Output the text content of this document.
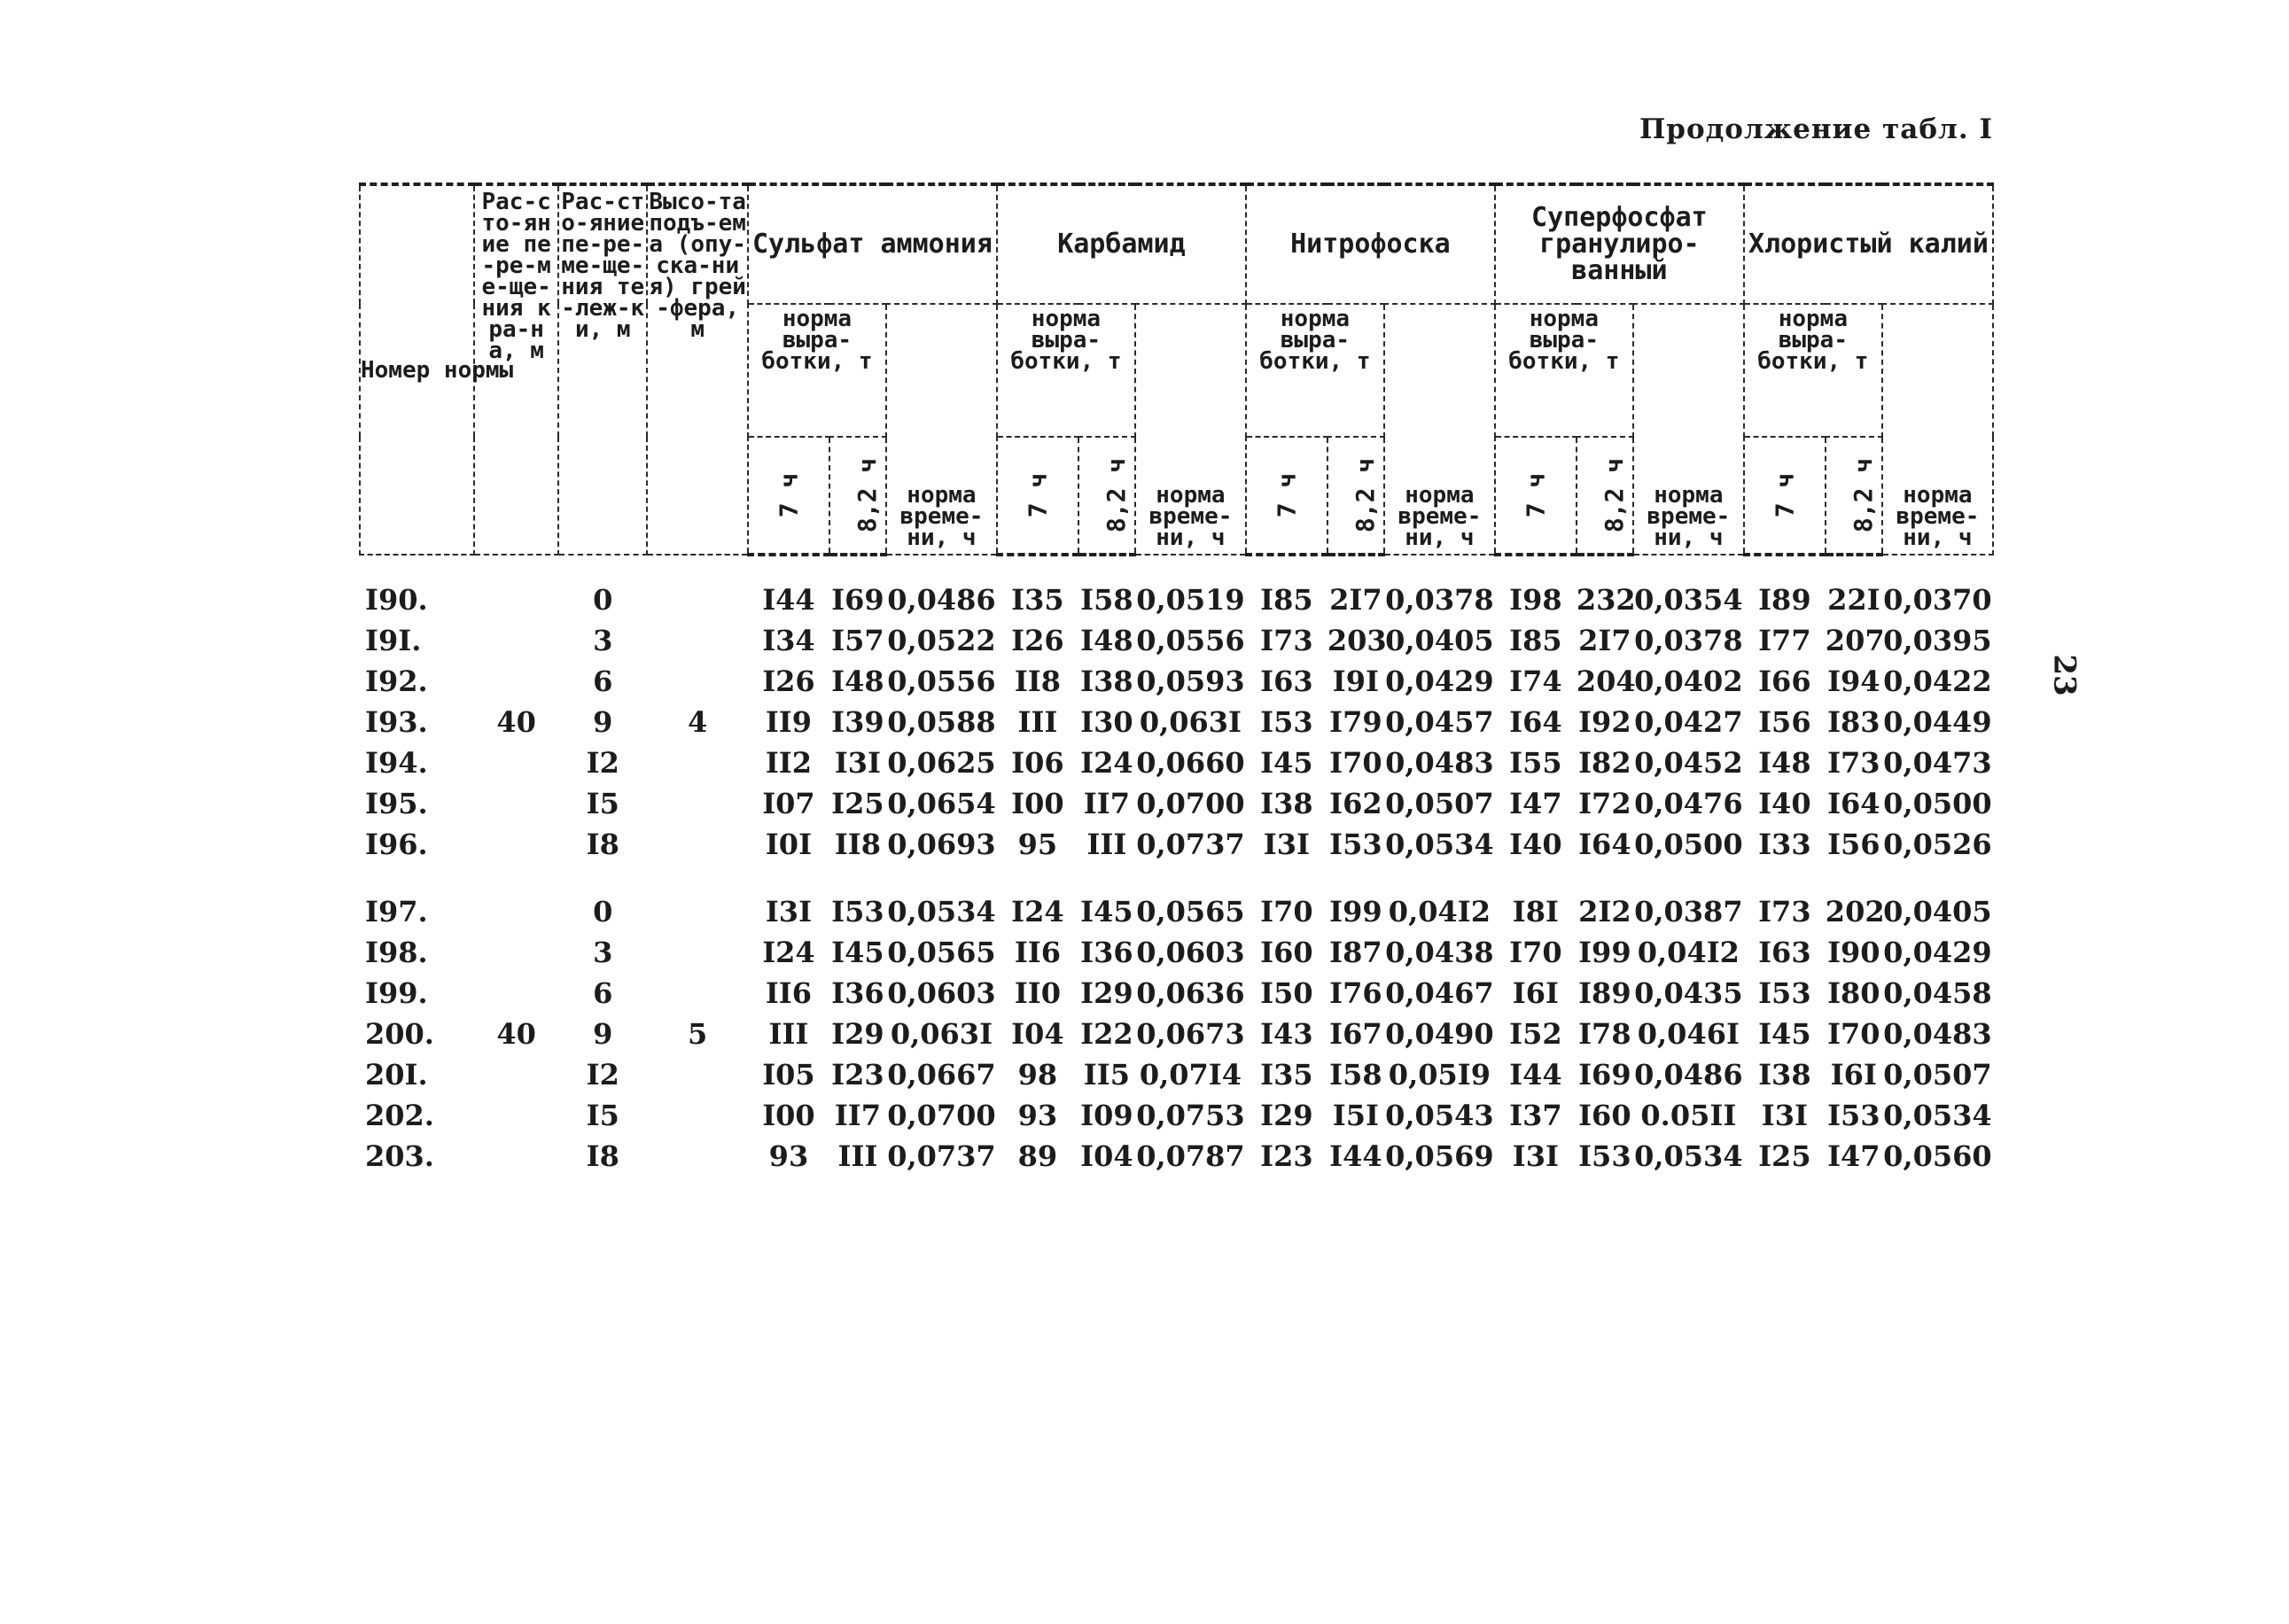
Продолжение табл. I
23
Номер нормы	Рас-сто-яние пе-ре-ме-ще-ния кра-на, м	Рас-сто-яние пе-ре-ме-ще-ния те-леж-ки, м	Высо-та подъ-ема (опу-ска-ния) грей-фера, м	Сульфат аммония			Карбамид			Нитрофоска			Суперфосфат гранулиро-ванный			Хлористый калий		
				норма выра-ботки, т		норма време-ни, ч	норма выра-ботки, т		норма време-ни, ч	норма выра-ботки, т		норма време-ни, ч	норма выра-ботки, т		норма време-ни, ч	норма выра-ботки, т		норма време-ни, ч
				7 ч	8,2 ч		7 ч	8,2 ч		7 ч	8,2 ч		7 ч	8,2 ч		7 ч	8,2 ч	
I90.		0		I44	I69	0,0486	I35	I58	0,0519	I85	2I7	0,0378	I98	232	0,0354	I89	22I	0,0370
I9I.		3		I34	I57	0,0522	I26	I48	0,0556	I73	203	0,0405	I85	2I7	0,0378	I77	207	0,0395
I92.		6		I26	I48	0,0556	II8	I38	0,0593	I63	I9I	0,0429	I74	204	0,0402	I66	I94	0,0422
I93.	40	9	4	II9	I39	0,0588	III	I30	0,063I	I53	I79	0,0457	I64	I92	0,0427	I56	I83	0,0449
I94.		I2		II2	I3I	0,0625	I06	I24	0,0660	I45	I70	0,0483	I55	I82	0,0452	I48	I73	0,0473
I95.		I5		I07	I25	0,0654	I00	II7	0,0700	I38	I62	0,0507	I47	I72	0,0476	I40	I64	0,0500
I96.		I8		I0I	II8	0,0693	95	III	0,0737	I3I	I53	0,0534	I40	I64	0,0500	I33	I56	0,0526
I97.		0		I3I	I53	0,0534	I24	I45	0,0565	I70	I99	0,04I2	I8I	2I2	0,0387	I73	202	0,0405
I98.		3		I24	I45	0,0565	II6	I36	0,0603	I60	I87	0,0438	I70	I99	0,04I2	I63	I90	0,0429
I99.		6		II6	I36	0,0603	II0	I29	0,0636	I50	I76	0,0467	I6I	I89	0,0435	I53	I80	0,0458
200.	40	9	5	III	I29	0,063I	I04	I22	0,0673	I43	I67	0,0490	I52	I78	0,046I	I45	I70	0,0483
20I.		I2		I05	I23	0,0667	98	II5	0,07I4	I35	I58	0,05I9	I44	I69	0,0486	I38	I6I	0,0507
202.		I5		I00	II7	0,0700	93	I09	0,0753	I29	I5I	0,0543	I37	I60	0.05II	I3I	I53	0,0534
203.		I8		93	III	0,0737	89	I04	0,0787	I23	I44	0,0569	I3I	I53	0,0534	I25	I47	0,0560
